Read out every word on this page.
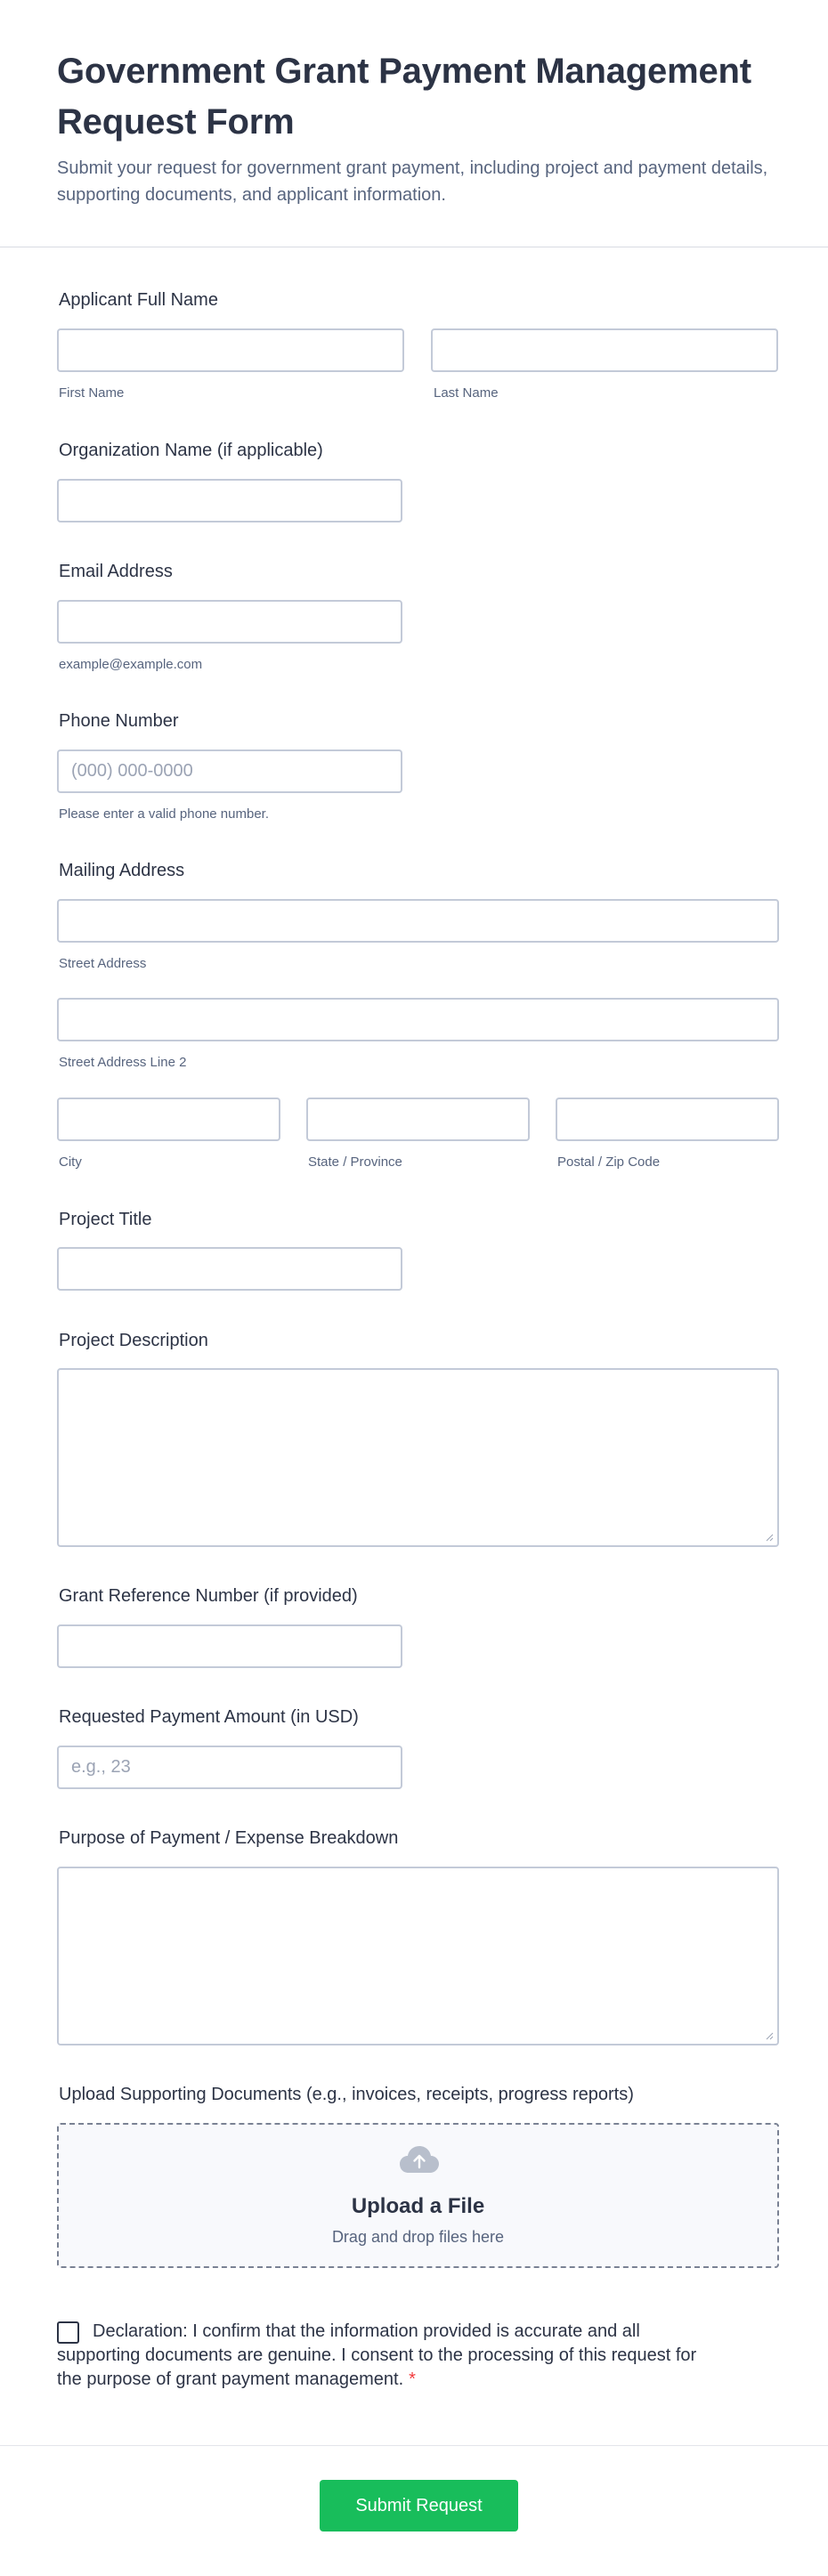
Government Grant Payment Management Request Form
Submit your request for government grant payment, including project and payment details, supporting documents, and applicant information.
Applicant Full Name
First Name	Last Name
Organization Name (if applicable)
Email Address
example@example.com
Phone Number
(000) 000-0000
Please enter a valid phone number.
Mailing Address
Street Address
Street Address Line 2
City	State / Province	Postal / Zip Code
Project Title
Project Description
Grant Reference Number (if provided)
Requested Payment Amount (in USD)
e.g., 23
Purpose of Payment / Expense Breakdown
Upload Supporting Documents (e.g., invoices, receipts, progress reports)
Upload a File
Drag and drop files here
Declaration: I confirm that the information provided is accurate and all supporting documents are genuine. I consent to the processing of this request for the purpose of grant payment management. *
Submit Request
